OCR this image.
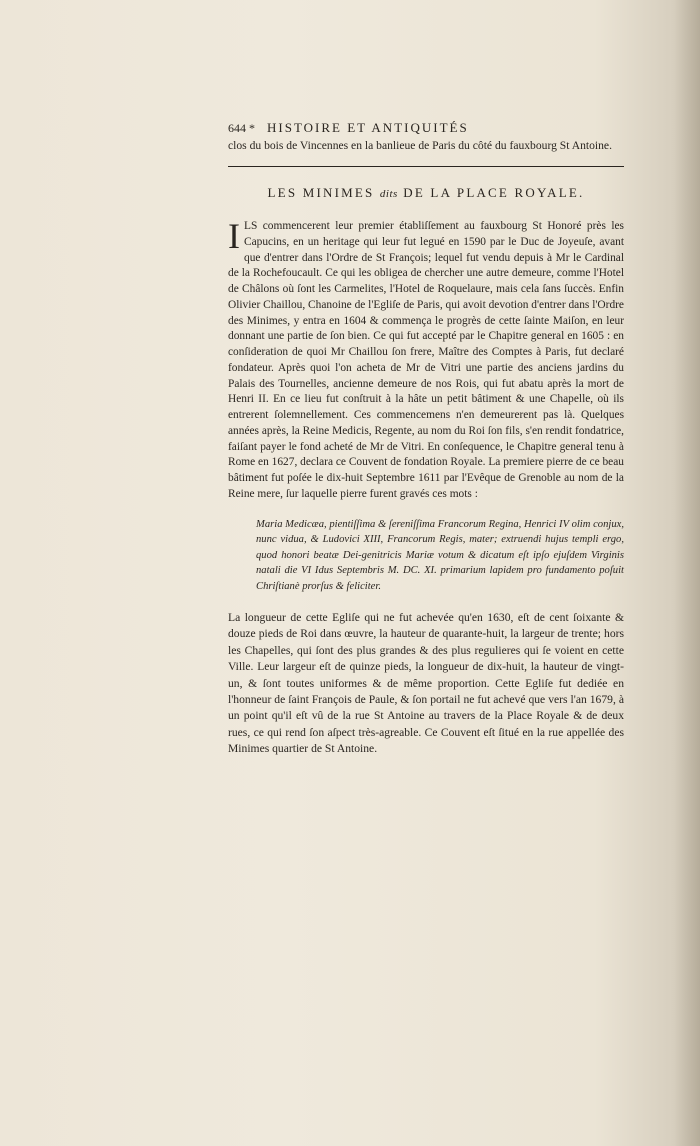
644 * HISTOIRE ET ANTIQUITÉS
clos du bois de Vincennes en la banlieue de Paris du côté du fauxbourg St Antoine.
LES MINIMES dits DE LA PLACE ROYALE.
I LS commencerent leur premier établiſſement au fauxbourg St Honoré près les Capucins, en un heritage qui leur fut legué en 1590 par le Duc de Joyeuſe, avant que d'entrer dans l'Ordre de St François; lequel fut vendu depuis à Mr le Cardinal de la Rochefoucault. Ce qui les obligea de chercher une autre demeure, comme l'Hotel de Châlons où ſont les Carmelites, l'Hotel de Roquelaure, mais cela ſans ſuccès. Enfin Olivier Chaillou, Chanoine de l'Egliſe de Paris, qui avoit devotion d'entrer dans l'Ordre des Minimes, y entra en 1604 & commença le progrès de cette ſainte Maiſon, en leur donnant une partie de ſon bien. Ce qui fut accepté par le Chapitre general en 1605 : en conſideration de quoi Mr Chaillou ſon frere, Maître des Comptes à Paris, fut declaré fondateur. Après quoi l'on acheta de Mr de Vitri une partie des anciens jardins du Palais des Tournelles, ancienne demeure de nos Rois, qui fut abatu après la mort de Henri II. En ce lieu fut conſtruit à la hâte un petit bâtiment & une Chapelle, où ils entrerent ſolemnellement. Ces commencemens n'en demeurerent pas là. Quelques années après, la Reine Medicis, Regente, au nom du Roi ſon fils, s'en rendit fondatrice, faiſant payer le fond acheté de Mr de Vitri. En conſequence, le Chapitre general tenu à Rome en 1627, declara ce Couvent de fondation Royale. La premiere pierre de ce beau bâtiment fut poſée le dix-huit Septembre 1611 par l'Evêque de Grenoble au nom de la Reine mere, ſur laquelle pierre furent gravés ces mots :
Maria Medicæa, pientiſſima & ſereniſſima Francorum Regina, Henrici IV olim conjux, nunc vidua, & Ludovici XIII, Francorum Regis, mater; extruendi hujus templi ergo, quod honori beatæ Dei-genitricis Mariæ votum & dicatum eſt ipſo ejuſdem Virginis natali die VI Idus Septembris M. DC. XI. primarium lapidem pro fundamento poſuit Chriſtianè prorſus & feliciter.
La longueur de cette Egliſe qui ne fut achevée qu'en 1630, eſt de cent ſoixante & douze pieds de Roi dans œuvre, la hauteur de quarante-huit, la largeur de trente; hors les Chapelles, qui ſont des plus grandes & des plus regulieres qui ſe voient en cette Ville. Leur largeur eſt de quinze pieds, la longueur de dix-huit, la hauteur de vingt-un, & ſont toutes uniformes & de même proportion. Cette Egliſe fut dediée en l'honneur de ſaint François de Paule, & ſon portail ne fut achevé que vers l'an 1679, à un point qu'il eſt vû de la rue St Antoine au travers de la Place Royale & de deux rues, ce qui rend ſon aſpect très-agreable. Ce Couvent eſt ſitué en la rue appellée des Minimes quartier de St Antoine.
